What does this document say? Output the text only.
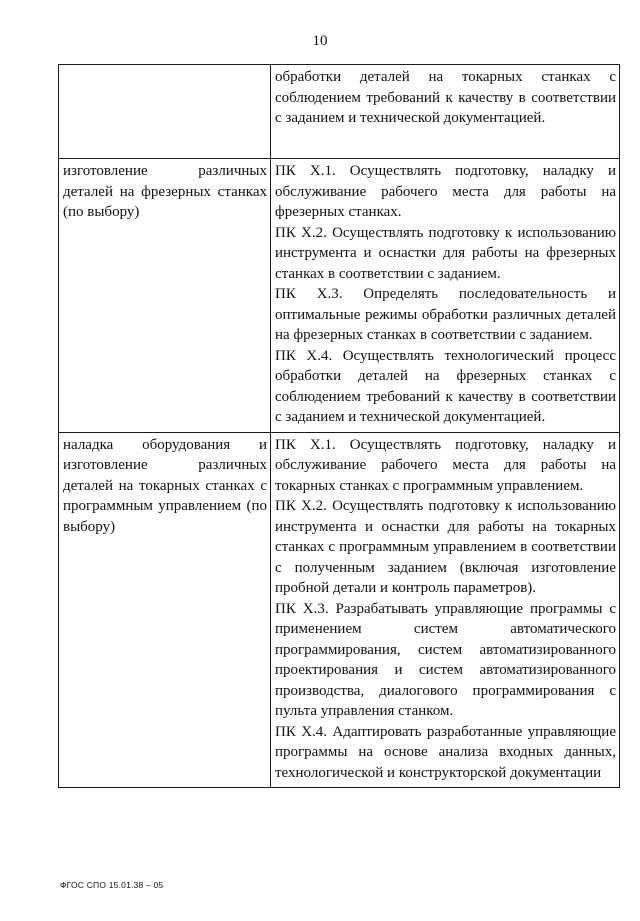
10

	обработки деталей на токарных станках с соблюдением требований к качеству в соответствии с заданием и технической документацией.

изготовление различных деталей на фрезерных станках (по выбору)	ПК Х.1. Осуществлять подготовку, наладку и обслуживание рабочего места для работы на фрезерных станках.
ПК Х.2. Осуществлять подготовку к использованию инструмента и оснастки для работы на фрезерных станках в соответствии с заданием.
ПК Х.3. Определять последовательность и оптимальные режимы обработки различных деталей на фрезерных станках в соответствии с заданием.
ПК Х.4. Осуществлять технологический процесс обработки деталей на фрезерных станках с соблюдением требований к качеству в соответствии с заданием и технической документацией.

наладка оборудования и изготовление различных деталей на токарных станках с программным управлением (по выбору)	ПК Х.1. Осуществлять подготовку, наладку и обслуживание рабочего места для работы на токарных станках с программным управлением.
ПК Х.2. Осуществлять подготовку к использованию инструмента и оснастки для работы на токарных станках с программным управлением в соответствии с полученным заданием (включая изготовление пробной детали и контроль параметров).
ПК Х.3. Разрабатывать управляющие программы с применением систем автоматического программирования, систем автоматизированного проектирования и систем автоматизированного производства, диалогового программирования с пульта управления станком.
ПК Х.4. Адаптировать разработанные управляющие программы на основе анализа входных данных, технологической и конструкторской документации
ФГОС СПО 15.01.38 – 05
